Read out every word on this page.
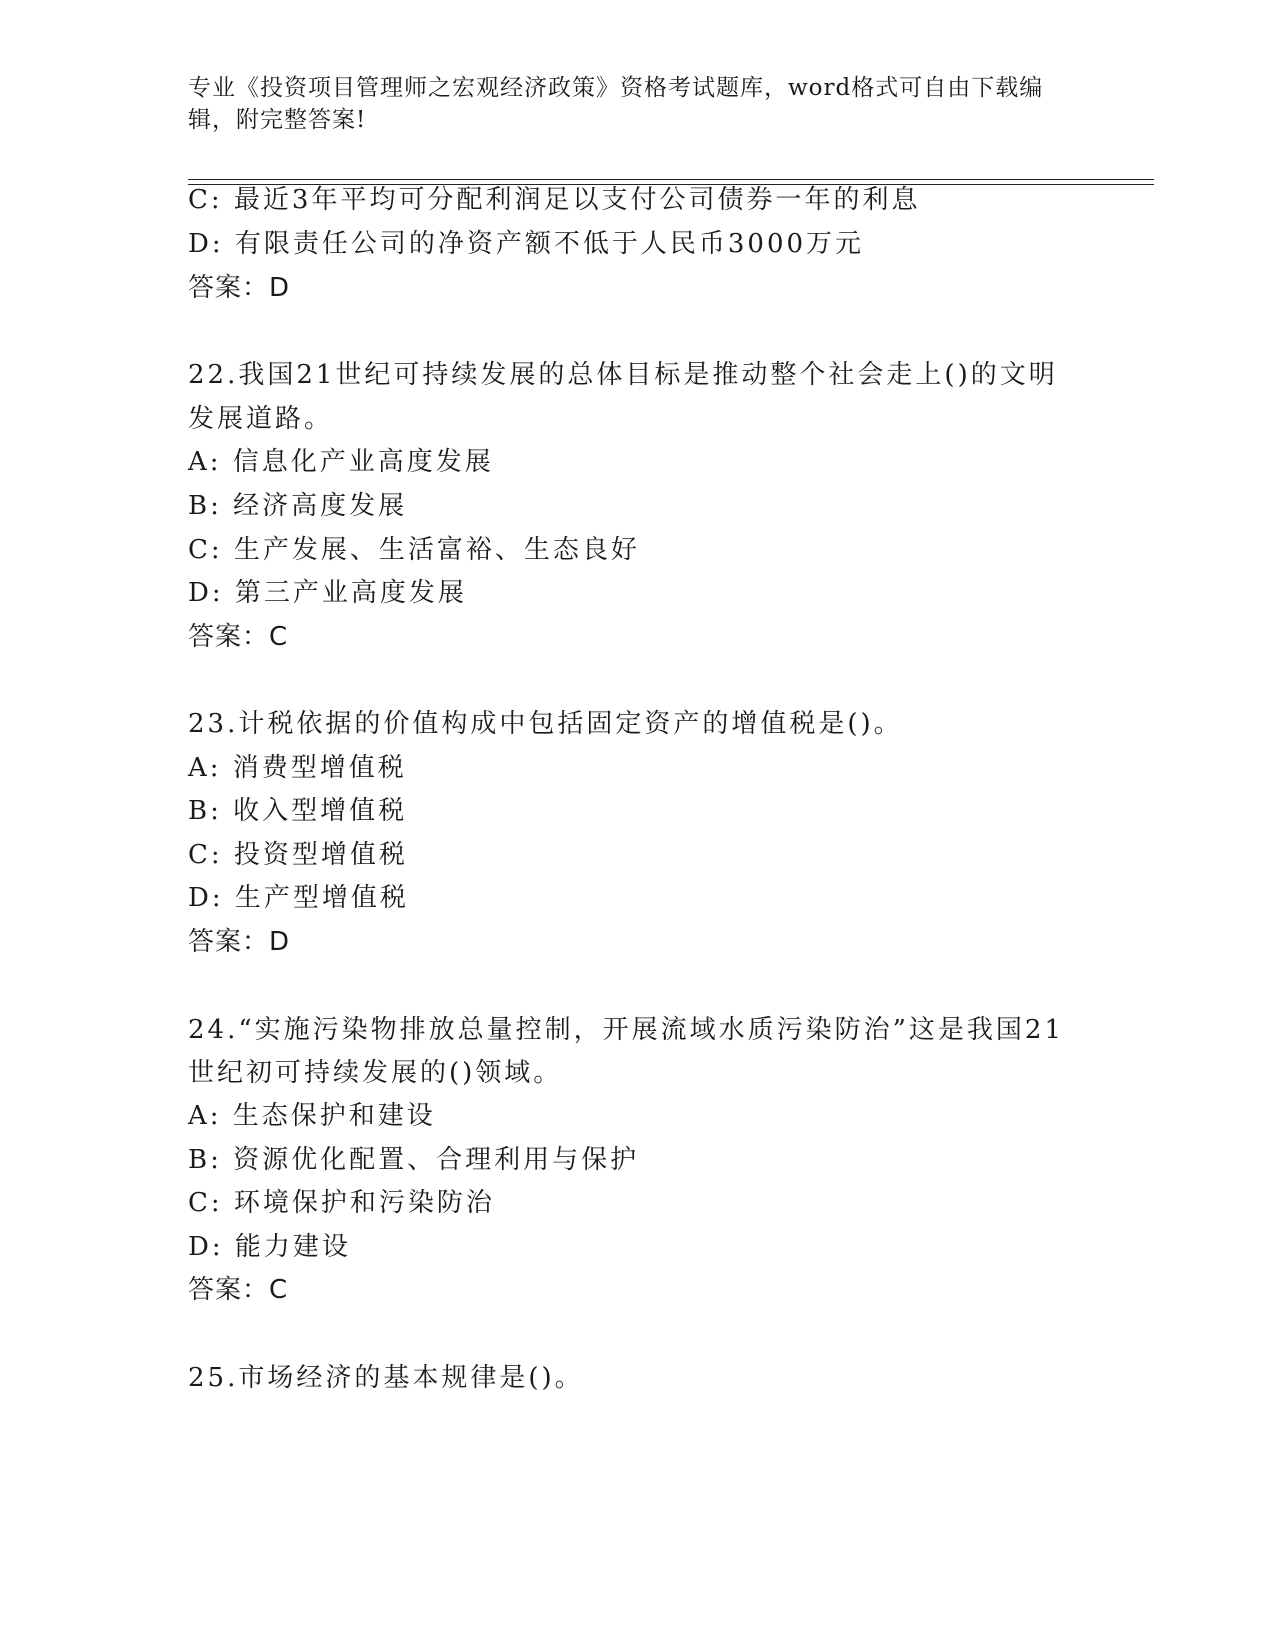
专业《投资项目管理师之宏观经济政策》资格考试题库，word格式可自由下载编
辑，附完整答案!
C: 最近3年平均可分配利润足以支付公司债券一年的利息
D: 有限责任公司的净资产额不低于人民币3000万元
答案：D
22.我国21世纪可持续发展的总体目标是推动整个社会走上()的文明
发展道路。
A: 信息化产业高度发展
B: 经济高度发展
C: 生产发展、生活富裕、生态良好
D: 第三产业高度发展
答案：C
23.计税依据的价值构成中包括固定资产的增值税是()。
A: 消费型增值税
B: 收入型增值税
C: 投资型增值税
D: 生产型增值税
答案：D
24.“实施污染物排放总量控制，开展流域水质污染防治”这是我国21
世纪初可持续发展的()领域。
A: 生态保护和建设
B: 资源优化配置、合理利用与保护
C: 环境保护和污染防治
D: 能力建设
答案：C
25.市场经济的基本规律是()。
